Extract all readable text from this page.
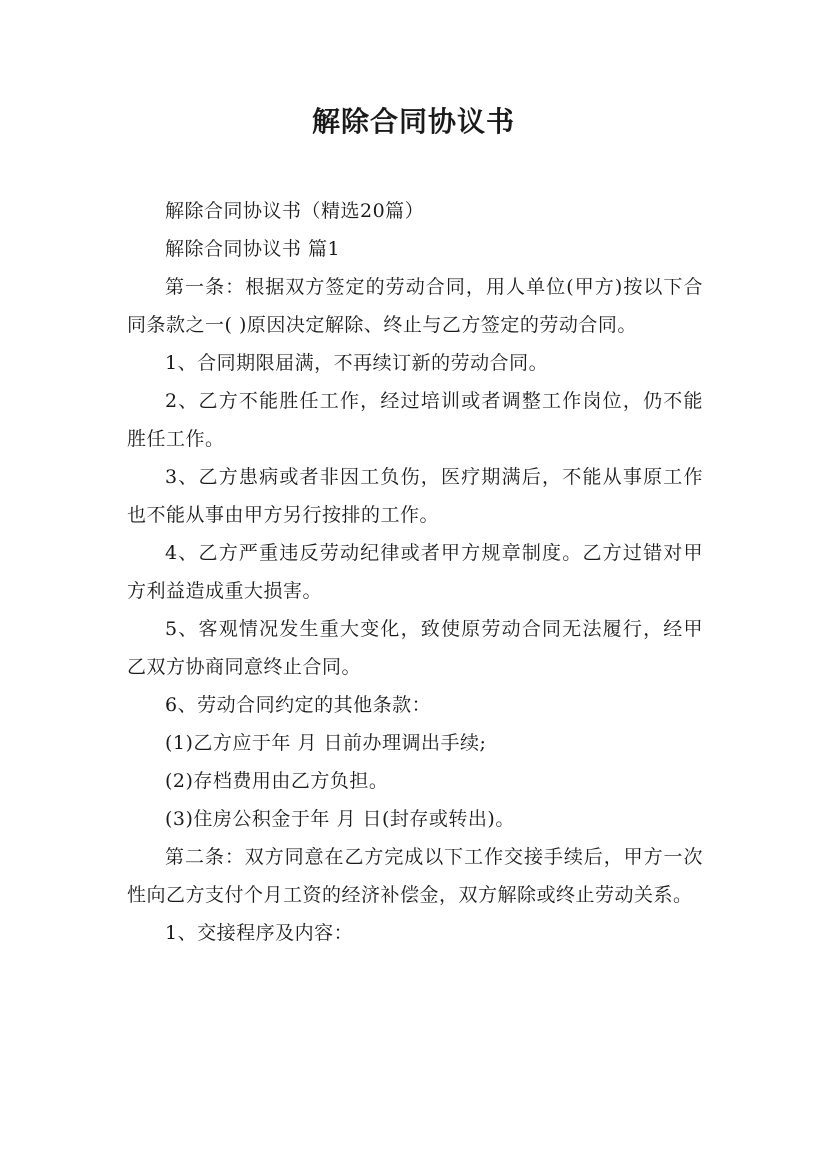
解除合同协议书

解除合同协议书（精选20篇）

解除合同协议书 篇1

第一条：根据双方签定的劳动合同，用人单位(甲方)按以下合同条款之一( )原因决定解除、终止与乙方签定的劳动合同。

1、合同期限届满，不再续订新的劳动合同。

2、乙方不能胜任工作，经过培训或者调整工作岗位，仍不能胜任工作。

3、乙方患病或者非因工负伤，医疗期满后，不能从事原工作也不能从事由甲方另行按排的工作。

4、乙方严重违反劳动纪律或者甲方规章制度。乙方过错对甲方利益造成重大损害。

5、客观情况发生重大变化，致使原劳动合同无法履行，经甲乙双方协商同意终止合同。

6、劳动合同约定的其他条款：

(1)乙方应于年 月 日前办理调出手续;

(2)存档费用由乙方负担。

(3)住房公积金于年 月 日(封存或转出)。

第二条：双方同意在乙方完成以下工作交接手续后，甲方一次性向乙方支付个月工资的经济补偿金，双方解除或终止劳动关系。

1、交接程序及内容：
